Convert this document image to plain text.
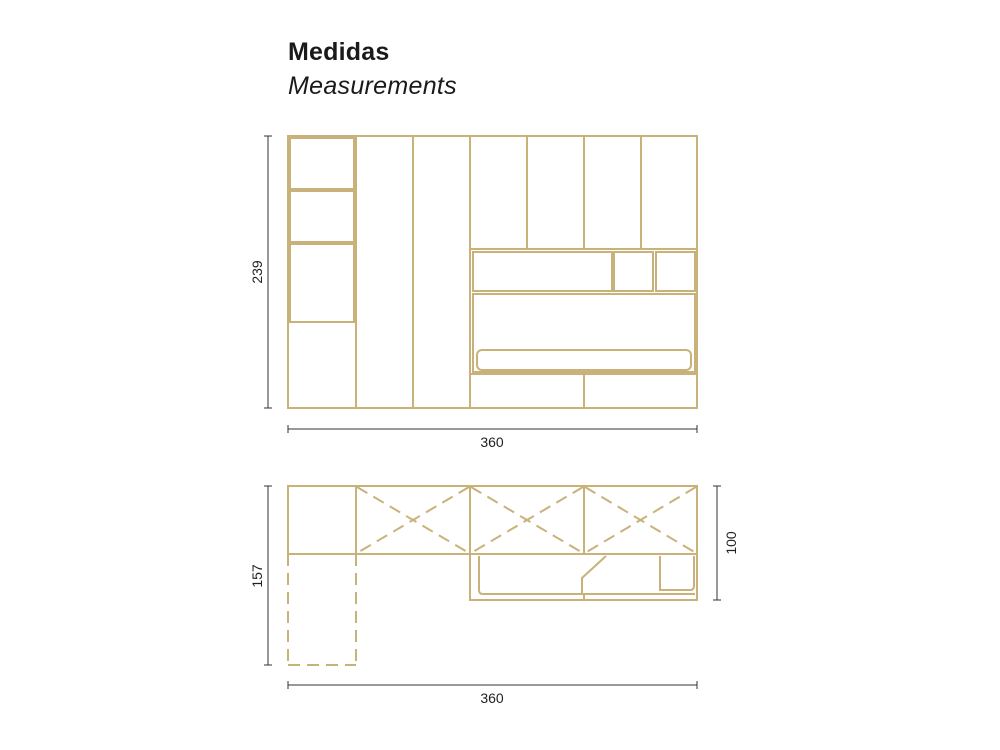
Medidas
Measurements
239
360
157
360
100
